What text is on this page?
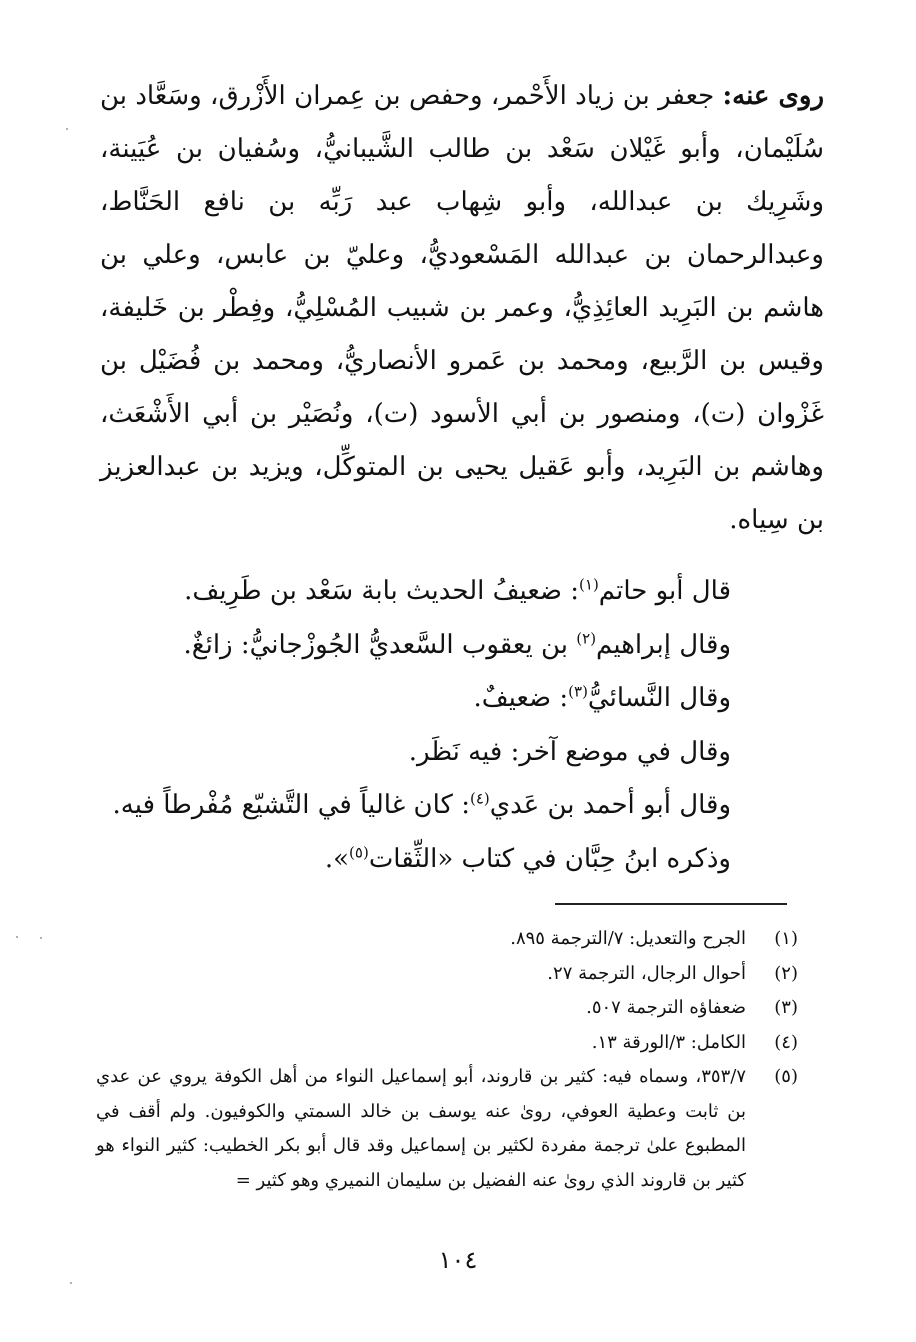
روى عنه: جعفر بن زياد الأَحْمر، وحفص بن عِمران الأَزْرق، وسَعَّاد بن سُلَيْمان، وأبو غَيْلان سَعْد بن طالب الشَّيبانيُّ، وسُفيان بن عُيَينة، وشَرِيك بن عبدالله، وأبو شِهاب عبد رَبِّه بن نافع الحَنَّاط، وعبدالرحمان بن عبدالله المَسْعوديُّ، وعليّ بن عابس، وعلي بن هاشم بن البَرِيد العائِذِيُّ، وعمر بن شبيب المُسْلِيُّ، وفِطْر بن خَليفة، وقيس بن الرَّبيع، ومحمد بن عَمرو الأنصاريُّ، ومحمد بن فُضَيْل بن غَزْوان (ت)، ومنصور بن أبي الأسود (ت)، ونُصَيْر بن أبي الأَشْعَث، وهاشم بن البَرِيد، وأبو عَقيل يحيى بن المتوكِّل، ويزيد بن عبدالعزيز بن سِياه.
قال أبو حاتم$^{(١)}$: ضعيفُ الحديث بابة سَعْد بن طَرِيف.
وقال إبراهيم$^{(٢)}$ بن يعقوب السَّعديُّ الجُوزْجانيُّ: زائغٌ.
وقال النَّسائيُّ$^{(٣)}$: ضعيفٌ.
وقال في موضع آخر: فيه نَظَر.
وقال أبو أحمد بن عَدي$^{(٤)}$: كان غالياً في التَّشيّع مُفْرطاً فيه.
وذكره ابنُ حِبَّان في كتاب «الثِّقات$^{(٥)}$».
(١)
الجرح والتعديل: ٧/الترجمة ٨٩٥.
(٢)
أحوال الرجال، الترجمة ٢٧.
(٣)
ضعفاؤه الترجمة ٥٠٧.
(٤)
الكامل: ٣/الورقة ١٣.
(٥)
٣٥٣/٧، وسماه فيه: كثير بن قاروند، أبو إسماعيل النواء من أهل الكوفة يروي عن عدي بن ثابت وعطية العوفي، روىٰ عنه يوسف بن خالد السمتي والكوفيون. ولم أقف في المطبوع علىٰ ترجمة مفردة لكثير بن إسماعيل وقد قال أبو بكر الخطيب: كثير النواء هو كثير بن قاروند الذي روىٰ عنه الفضيل بن سليمان النميري وهو كثير =
١٠٤
